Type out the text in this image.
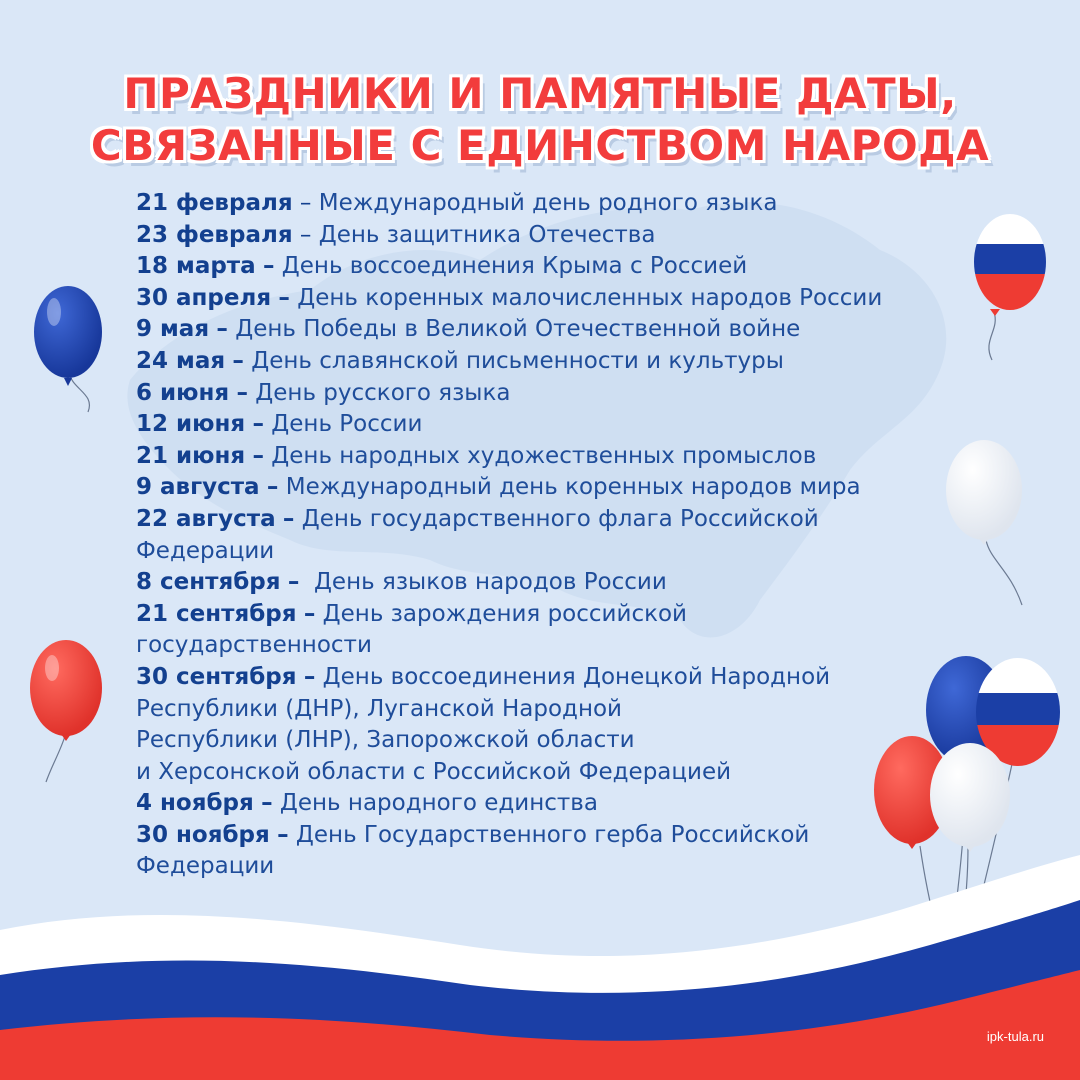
ПРАЗДНИКИ И ПАМЯТНЫЕ ДАТЫ,
СВЯЗАННЫЕ С ЕДИНСТВОМ НАРОДА
21 февраля – Международный день родного языка
23 февраля – День защитника Отечества
18 марта – День воссоединения Крыма с Россией
30 апреля – День коренных малочисленных народов России
9 мая – День Победы в Великой Отечественной войне
24 мая – День славянской письменности и культуры
6 июня – День русского языка
12 июня – День России
21 июня – День народных художественных промыслов
9 августа – Международный день коренных народов мира
22 августа – День государственного флага Российской
Федерации
8 сентября –  День языков народов России
21 сентября – День зарождения российской
государственности
30 сентября – День воссоединения Донецкой Народной
Республики (ДНР), Луганской Народной
Республики (ЛНР), Запорожской области
и Херсонской области с Российской Федерацией
4 ноября – День народного единства
30 ноября – День Государственного герба Российской
Федерации
ipk-tula.ru
